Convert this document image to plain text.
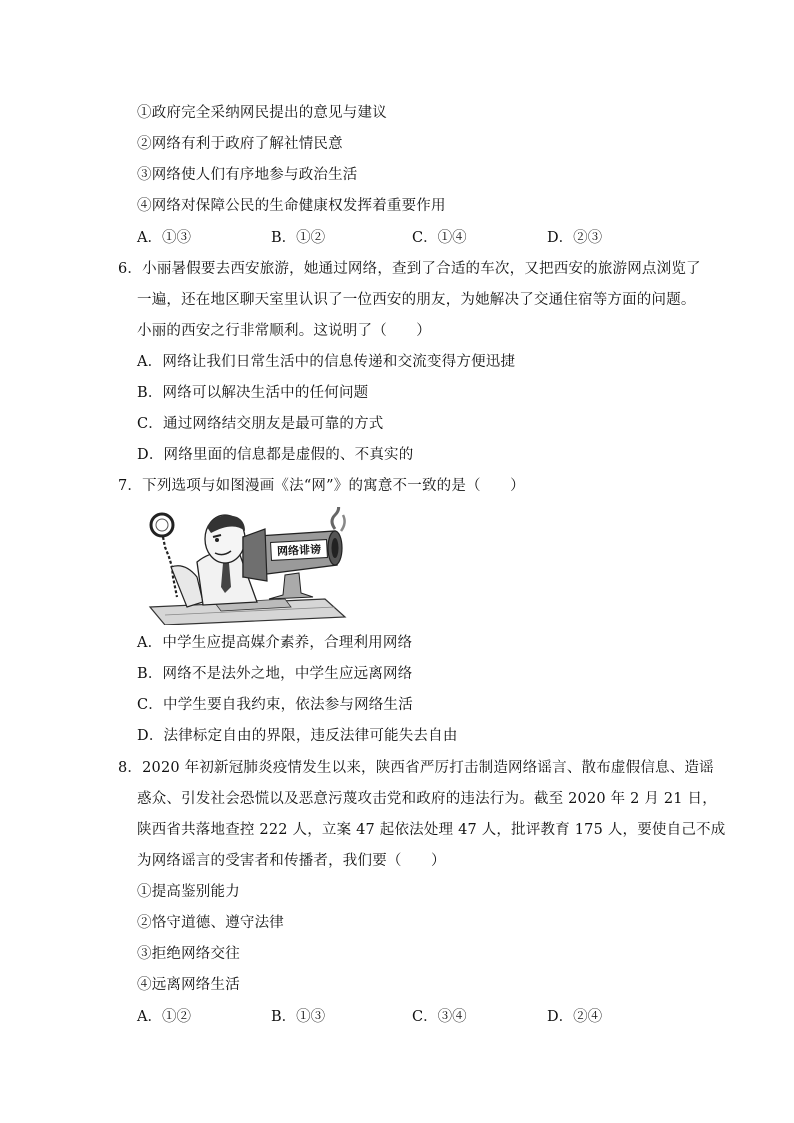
①政府完全采纳网民提出的意见与建议
②网络有利于政府了解社情民意
③网络使人们有序地参与政治生活
④网络对保障公民的生命健康权发挥着重要作用
A．①③	B．①②	C．①④	D．②③
6．小丽暑假要去西安旅游，她通过网络，查到了合适的车次，又把西安的旅游网点浏览了
一遍，还在地区聊天室里认识了一位西安的朋友，为她解决了交通住宿等方面的问题。
小丽的西安之行非常顺利。这说明了（　　）
A．网络让我们日常生活中的信息传递和交流变得方便迅捷
B．网络可以解决生活中的任何问题
C．通过网络结交朋友是最可靠的方式
D．网络里面的信息都是虚假的、不真实的
7．下列选项与如图漫画《法“网”》的寓意不一致的是（　　）
网络诽谤
A．中学生应提高媒介素养，合理利用网络
B．网络不是法外之地，中学生应远离网络
C．中学生要自我约束，依法参与网络生活
D．法律标定自由的界限，违反法律可能失去自由
8．2020 年初新冠肺炎疫情发生以来，陕西省严厉打击制造网络谣言、散布虚假信息、造谣
惑众、引发社会恐慌以及恶意污蔑攻击党和政府的违法行为。截至 2020 年 2 月 21 日，
陕西省共落地查控 222 人，立案 47 起依法处理 47 人，批评教育 175 人，要使自己不成
为网络谣言的受害者和传播者，我们要（　　）
①提高鉴别能力
②恪守道德、遵守法律
③拒绝网络交往
④远离网络生活
A．①②	B．①③	C．③④	D．②④
